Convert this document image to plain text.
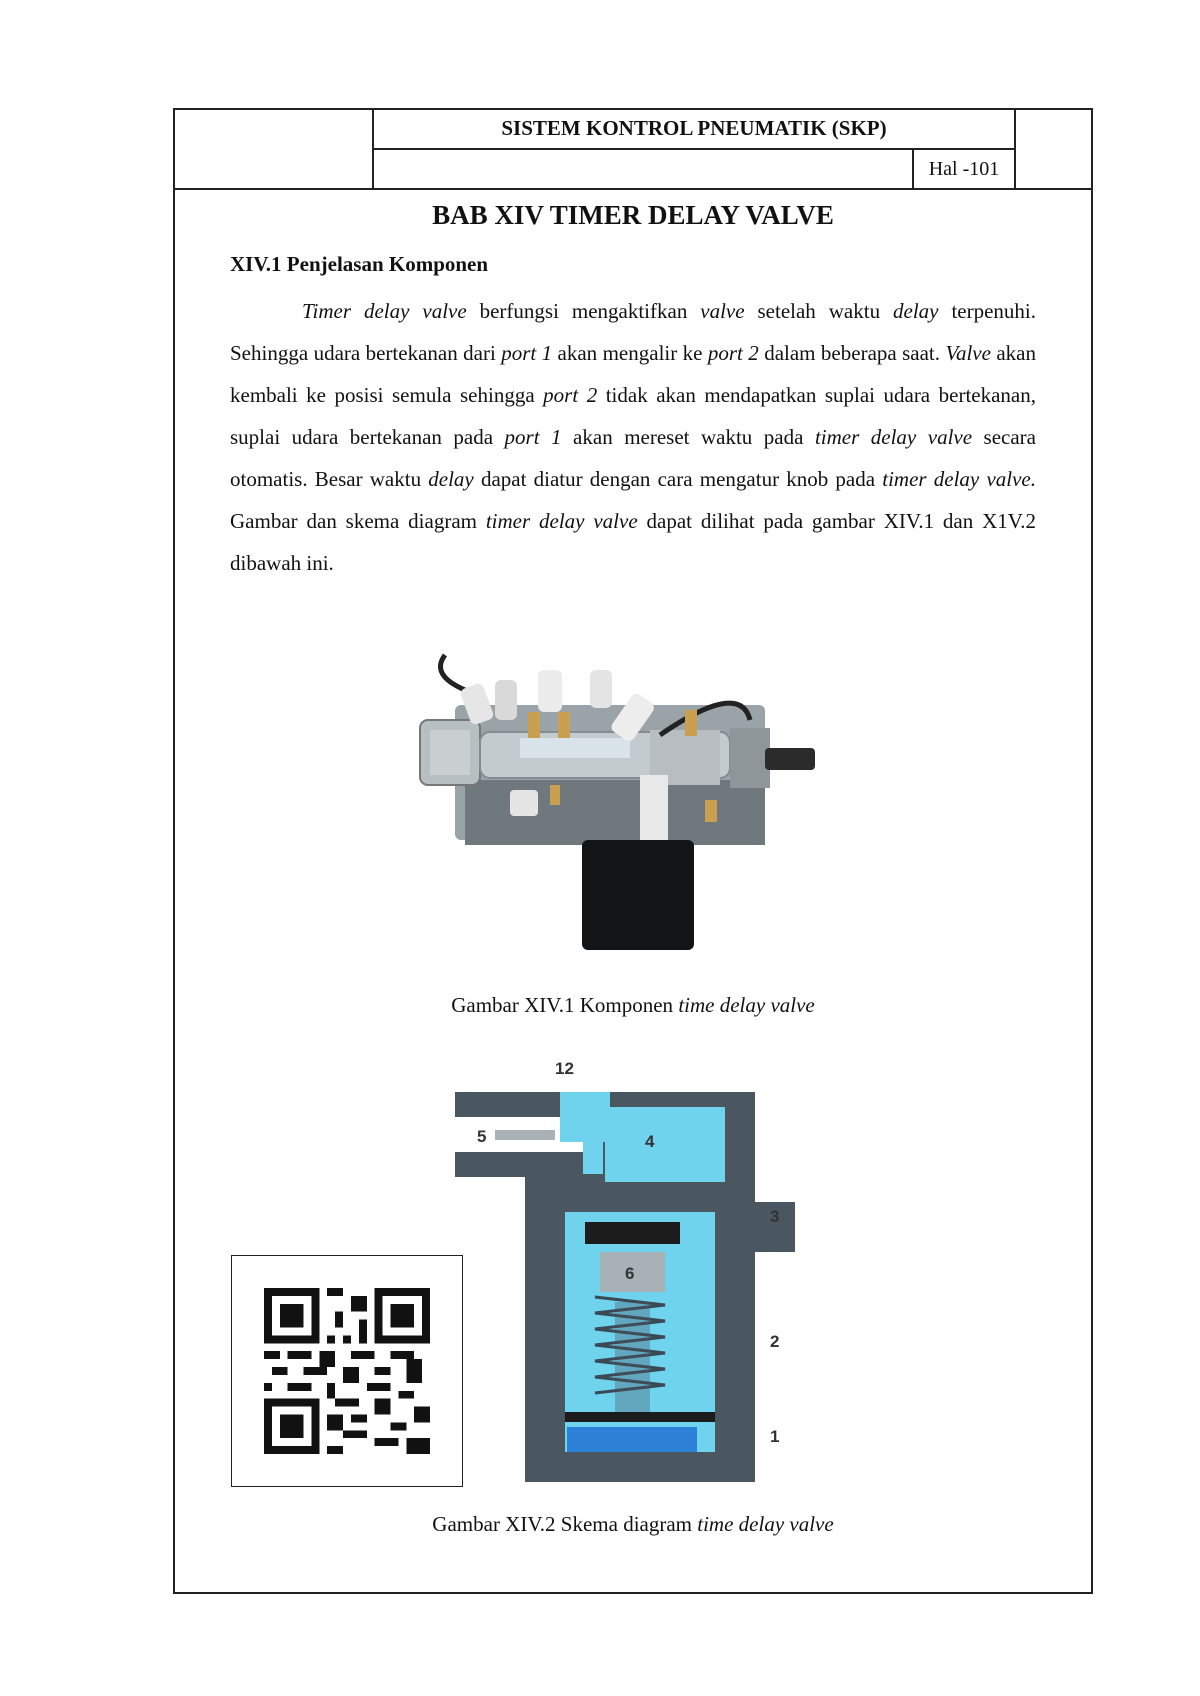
SISTEM KONTROL PNEUMATIK (SKP)
Hal -101
BAB XIV TIMER DELAY VALVE
XIV.1 Penjelasan Komponen
Timer delay valve berfungsi mengaktifkan valve setelah waktu delay terpenuhi. Sehingga udara bertekanan dari port 1 akan mengalir ke port 2 dalam beberapa saat. Valve akan kembali ke posisi semula sehingga port 2 tidak akan mendapatkan suplai udara bertekanan, suplai udara bertekanan pada port 1 akan mereset waktu pada timer delay valve secara otomatis. Besar waktu delay dapat diatur dengan cara mengatur knob pada timer delay valve. Gambar dan skema diagram timer delay valve dapat dilihat pada gambar XIV.1 dan X1V.2 dibawah ini.
Gambar XIV.1 Komponen time delay valve
12
5	4
3
6
2
1
Gambar XIV.2 Skema diagram time delay valve
